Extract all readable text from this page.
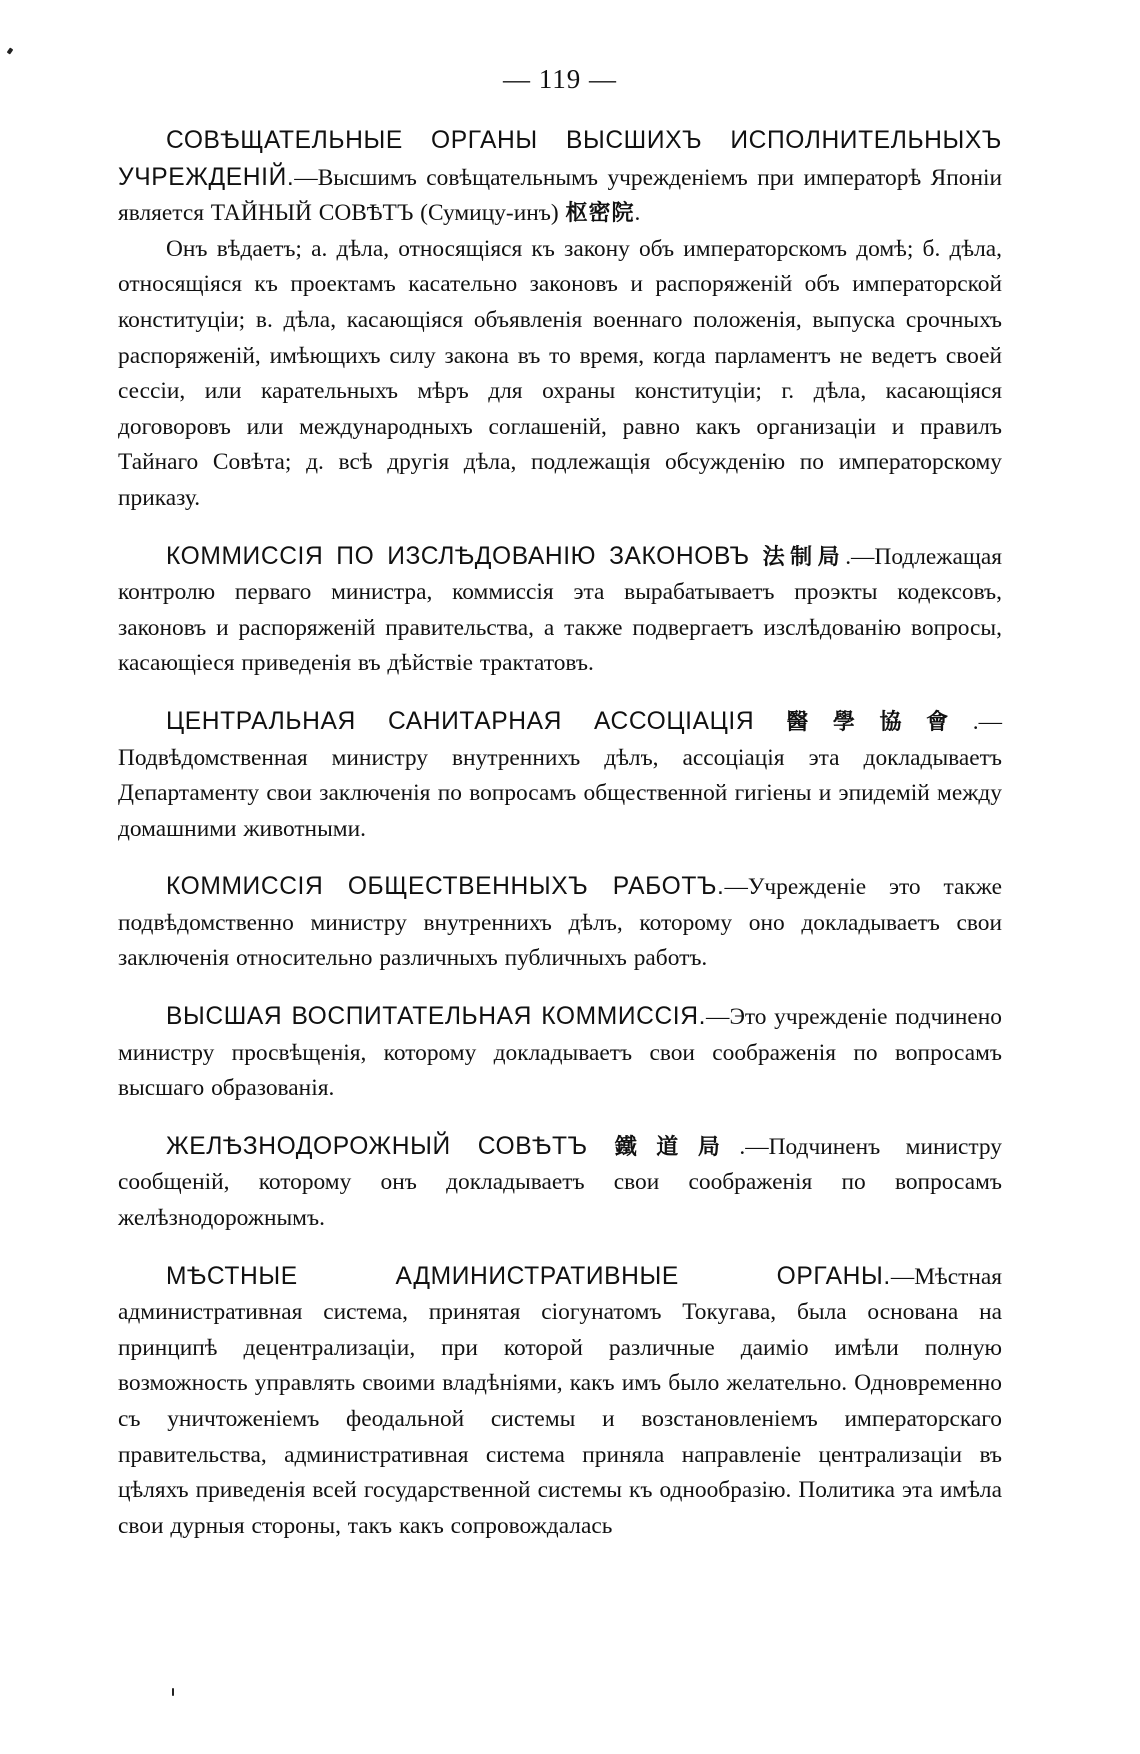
— 119 —

СОВѢЩАТЕЛЬНЫЕ ОРГАНЫ ВЫСШИХЪ ИСПОЛНИТЕЛЬНЫХЪ УЧРЕЖДЕНІЙ.—Высшимъ совѣщательнымъ учрежденіемъ при императорѣ Японіи является ТАЙНЫЙ СОВѢТЪ (Сумицу-инъ) 枢密院.

Онъ вѣдаетъ; а. дѣла, относящіяся къ закону объ императорскомъ домѣ; б. дѣла, относящіяся къ проектамъ касательно законовъ и распоряженій объ императорской конституціи; в. дѣла, касающіяся объявленія военнаго положенія, выпуска срочныхъ распоряженій, имѣющихъ силу закона въ то время, когда парламентъ не ведетъ своей сессіи, или карательныхъ мѣръ для охраны конституціи; г. дѣла, касающіяся договоровъ или международныхъ соглашеній, равно какъ организаціи и правилъ Тайнаго Совѣта; д. всѣ другія дѣла, подлежащія обсужденію по императорскому приказу.

КОММИССІЯ ПО ИЗСЛѢДОВАНІЮ ЗАКОНОВЪ 法制局.—Подлежащая контролю перваго министра, коммиссія эта вырабатываетъ проэкты кодексовъ, законовъ и распоряженій правительства, а также подвергаетъ изслѣдованію вопросы, касающіеся приведенія въ дѣйствіе трактатовъ.

ЦЕНТРАЛЬНАЯ САНИТАРНАЯ АССОЦІАЦІЯ 醫學協會.—Подвѣдомственная министру внутреннихъ дѣлъ, ассоціація эта докладываетъ Департаменту свои заключенія по вопросамъ общественной гигіены и эпидемій между домашними животными.

КОММИССІЯ ОБЩЕСТВЕННЫХЪ РАБОТЪ.—Учрежденіе это также подвѣдомственно министру внутреннихъ дѣлъ, которому оно докладываетъ свои заключенія относительно различныхъ публичныхъ работъ.

ВЫСШАЯ ВОСПИТАТЕЛЬНАЯ КОММИССІЯ.—Это учрежденіе подчинено министру просвѣщенія, которому докладываетъ свои соображенія по вопросамъ высшаго образованія.

ЖЕЛѢЗНОДОРОЖНЫЙ СОВѢТЪ 鐵道局.—Подчиненъ министру сообщеній, которому онъ докладываетъ свои соображенія по вопросамъ желѣзнодорожнымъ.

МѢСТНЫЕ АДМИНИСТРАТИВНЫЕ ОРГАНЫ.—Мѣстная административная система, принятая сіогунатомъ Токугава, была основана на принципѣ децентрализаціи, при которой различные даиміо имѣли полную возможность управлять своими владѣніями, какъ имъ было желательно. Одновременно съ уничтоженіемъ феодальной системы и возстановленіемъ императорскаго правительства, административная система приняла направленіе централизаціи въ цѣляхъ приведенія всей государственной системы къ однообразію. Политика эта имѣла свои дурныя стороны, такъ какъ сопровождалась
